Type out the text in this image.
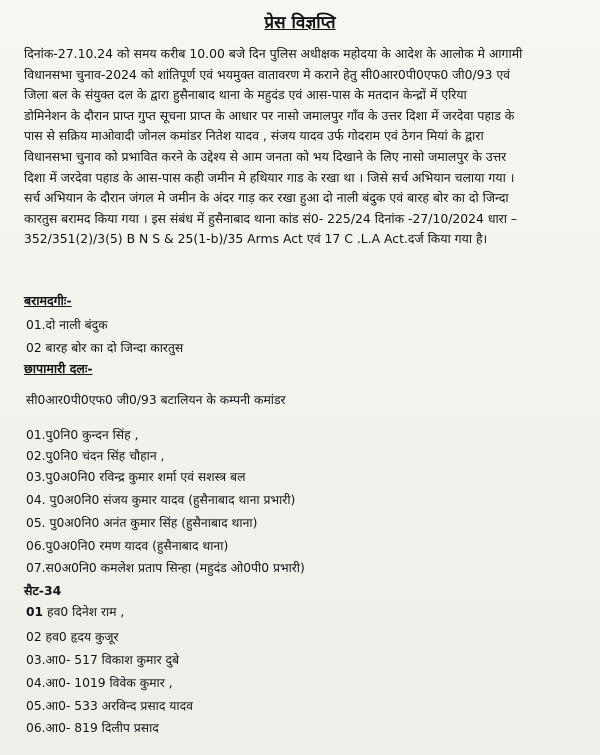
प्रेस विज्ञप्ति
दिनांक-27.10.24 को समय करीब 10.00 बजे दिन पुलिस अधीक्षक महोदया के आदेश के आलोक मे आगामी
विधानसभा चुनाव-2024 को शांतिपूर्ण एवं भयमुक्त वातावरण मे कराने हेतु सी0आर0पी0एफ0 जी0/93 एवं
जिला बल के संयुक्त दल के द्वारा हुसैनाबाद थाना के महुदंड एवं आस-पास के मतदान केन्द्रों में एरिया
डोमिनेशन के दौरान प्राप्त गुप्त सूचना प्राप्त के आधार पर नासो जमालपुर गाँव के उत्तर दिशा में जरदेवा पहाड के
पास से सक्रिय माओवादी जोनल कमांडर नितेश यादव , संजय यादव उर्फ गोदराम एवं ठेगन मियां के द्वारा
विधानसभा चुनाव को प्रभावित करने के उद्देश्य से आम जनता को भय दिखाने के लिए नासो जमालपुर के उत्तर
दिशा में जरदेवा पहाड के आस-पास कही जमीन मे हथियार गाड के रखा था । जिसे सर्च अभियान चलाया गया ।
सर्च अभियान के दौरान जंगल मे जमीन के अंदर गाड़ कर रखा हुआ दो नाली बंदुक एवं बारह बोर का दो जिन्दा
कारतुस बरामद किया गया । इस संबंध में हुसैनाबाद थाना कांड सं0- 225/24 दिनांक -27/10/2024 धारा –
352/351(2)/3(5) B N S & 25(1-b)/35 Arms Act एवं 17 C .L.A Act.दर्ज किया गया है।
बरामदगीः-
01.दो नाली बंदुक
02 बारह बोर का दो जिन्दा कारतुस
छापामारी दलः-
सी0आर0पी0एफ0 जी0/93 बटालियन के कम्पनी कमांडर
01.पु0नि0 कुन्दन सिंह ,
02.पु0नि0 चंदन सिंह चौहान ,
03.पु0अ0नि0 रविन्द्र कुमार शर्मा एवं सशस्त्र बल
04. पु0अ0नि0 संजय कुमार यादव (हुसैनाबाद थाना प्रभारी)
05. पु0अ0नि0 अनंत कुमार सिंह (हुसैनाबाद थाना)
06.पु0अ0नि0 रमण यादव (हुसैनाबाद थाना)
07.स0अ0नि0 कमलेश प्रताप सिन्हा (महुदंड ओ0पी0 प्रभारी)
सैट-34
01 हव0 दिनेश राम ,
02 हव0 हृदय कुजूर
03.आ0- 517 विकाश कुमार दुबे
04.आ0- 1019 विवेक कुमार ,
05.आ0- 533 अरविन्द प्रसाद यादव
06.आ0- 819 दिलीप प्रसाद
